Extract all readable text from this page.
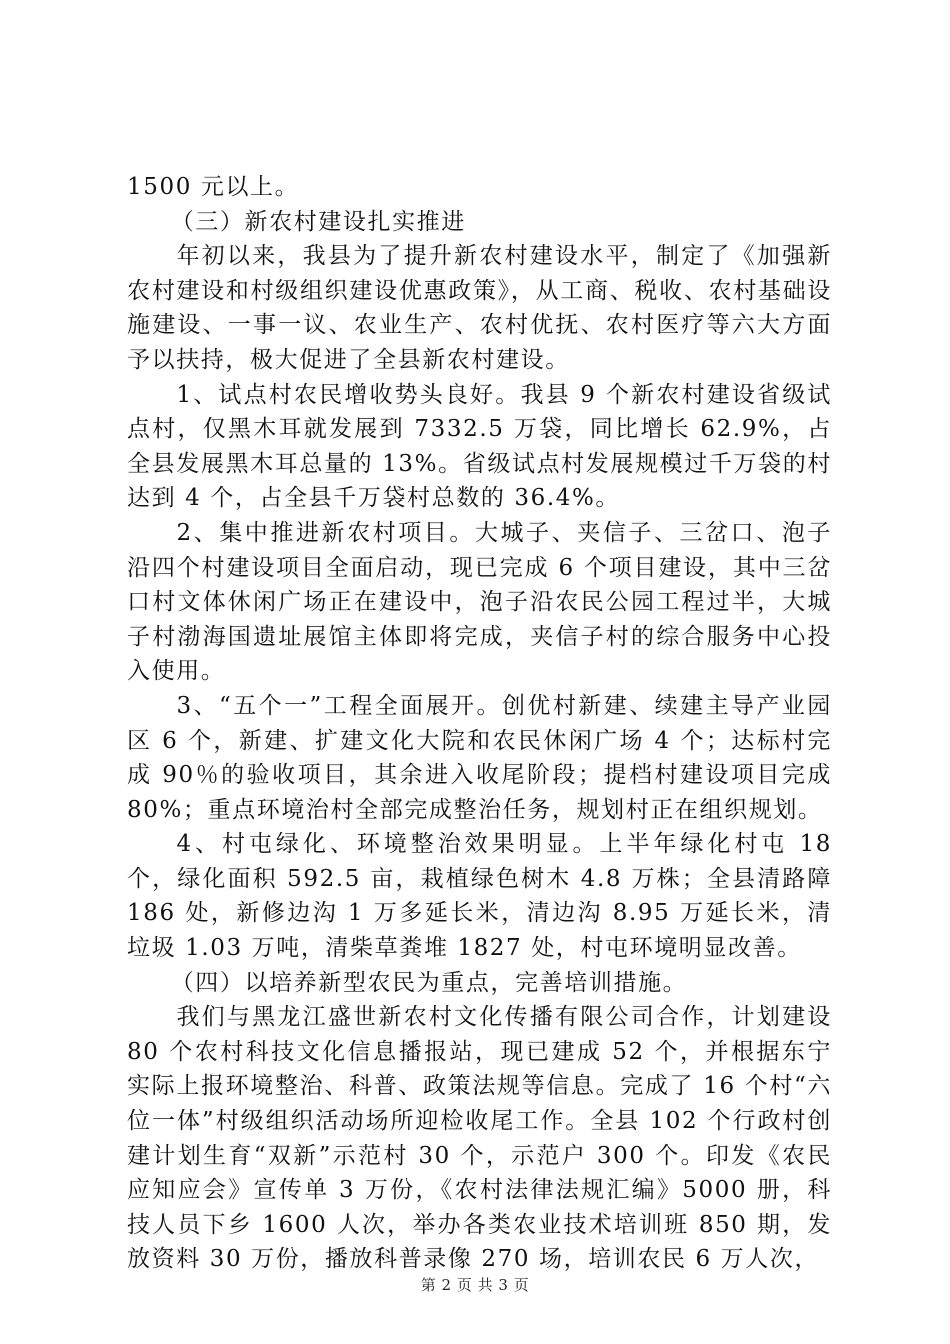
1500 元以上。

（三）新农村建设扎实推进

年初以来，我县为了提升新农村建设水平，制定了《加强新农村建设和村级组织建设优惠政策》，从工商、税收、农村基础设施建设、一事一议、农业生产、农村优抚、农村医疗等六大方面予以扶持，极大促进了全县新农村建设。

1、试点村农民增收势头良好。我县 9 个新农村建设省级试点村，仅黑木耳就发展到 7332.5 万袋，同比增长 62.9%，占全县发展黑木耳总量的 13%。省级试点村发展规模过千万袋的村达到 4 个，占全县千万袋村总数的 36.4%。

2、集中推进新农村项目。大城子、夹信子、三岔口、泡子沿四个村建设项目全面启动，现已完成 6 个项目建设，其中三岔口村文体休闲广场正在建设中，泡子沿农民公园工程过半，大城子村渤海国遗址展馆主体即将完成，夹信子村的综合服务中心投入使用。

3、“五个一”工程全面展开。创优村新建、续建主导产业园区 6 个，新建、扩建文化大院和农民休闲广场 4 个；达标村完成 90％的验收项目，其余进入收尾阶段；提档村建设项目完成 80%；重点环境治村全部完成整治任务，规划村正在组织规划。

4、村屯绿化、环境整治效果明显。上半年绿化村屯 18 个，绿化面积 592.5 亩，栽植绿色树木 4.8 万株；全县清路障 186 处，新修边沟 1 万多延长米，清边沟 8.95 万延长米，清垃圾 1.03 万吨，清柴草粪堆 1827 处，村屯环境明显改善。

（四）以培养新型农民为重点，完善培训措施。

我们与黑龙江盛世新农村文化传播有限公司合作，计划建设 80 个农村科技文化信息播报站，现已建成 52 个，并根据东宁实际上报环境整治、科普、政策法规等信息。完成了 16 个村“六位一体”村级组织活动场所迎检收尾工作。全县 102 个行政村创建计划生育“双新”示范村 30 个，示范户 300 个。印发《农民应知应会》宣传单 3 万份，《农村法律法规汇编》5000 册，科技人员下乡 1600 人次，举办各类农业技术培训班 850 期，发放资料 30 万份，播放科普录像 270 场，培训农民 6 万人次，

第 2 页 共 3 页
